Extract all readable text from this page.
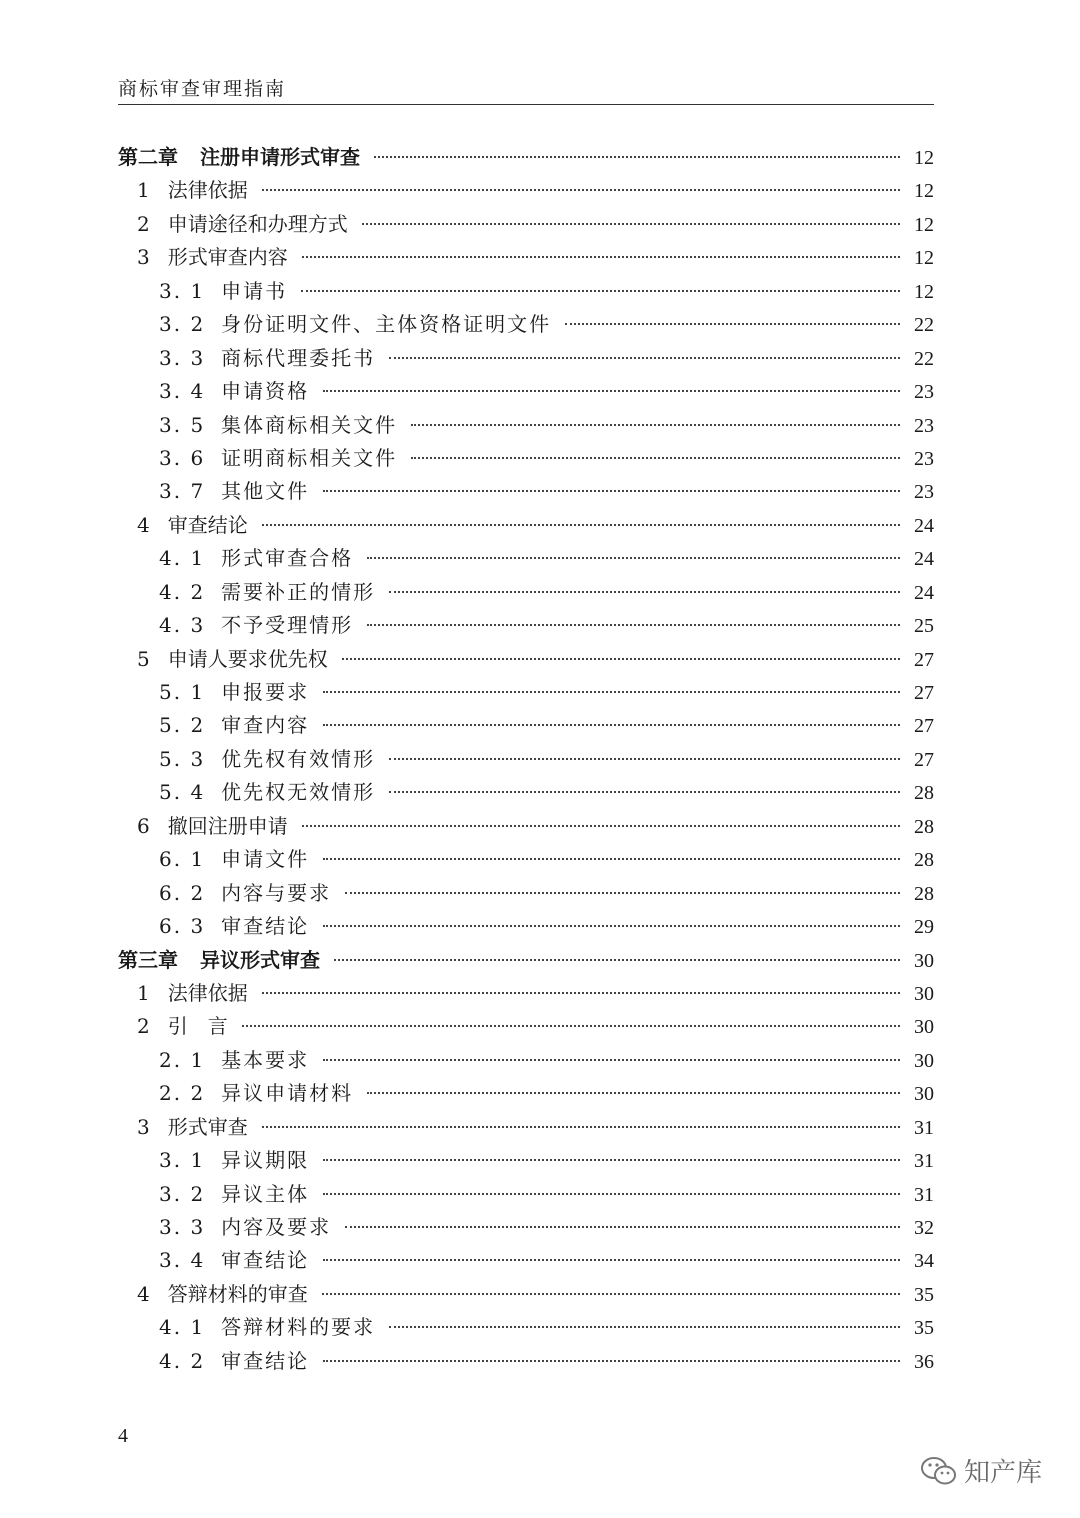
商标审查审理指南
第二章 注册申请形式审查	12
1 法律依据	12
2 申请途径和办理方式	12
3 形式审查内容	12
3. 1 申请书	12
3. 2 身份证明文件、主体资格证明文件	22
3. 3 商标代理委托书	22
3. 4 申请资格	23
3. 5 集体商标相关文件	23
3. 6 证明商标相关文件	23
3. 7 其他文件	23
4 审查结论	24
4. 1 形式审查合格	24
4. 2 需要补正的情形	24
4. 3 不予受理情形	25
5 申请人要求优先权	27
5. 1 申报要求	27
5. 2 审查内容	27
5. 3 优先权有效情形	27
5. 4 优先权无效情形	28
6 撤回注册申请	28
6. 1 申请文件	28
6. 2 内容与要求	28
6. 3 审查结论	29
第三章 异议形式审查	30
1 法律依据	30
2 引　言	30
2. 1 基本要求	30
2. 2 异议申请材料	30
3 形式审查	31
3. 1 异议期限	31
3. 2 异议主体	31
3. 3 内容及要求	32
3. 4 审查结论	34
4 答辩材料的审查	35
4. 1 答辩材料的要求	35
4. 2 审查结论	36
4
知产库
